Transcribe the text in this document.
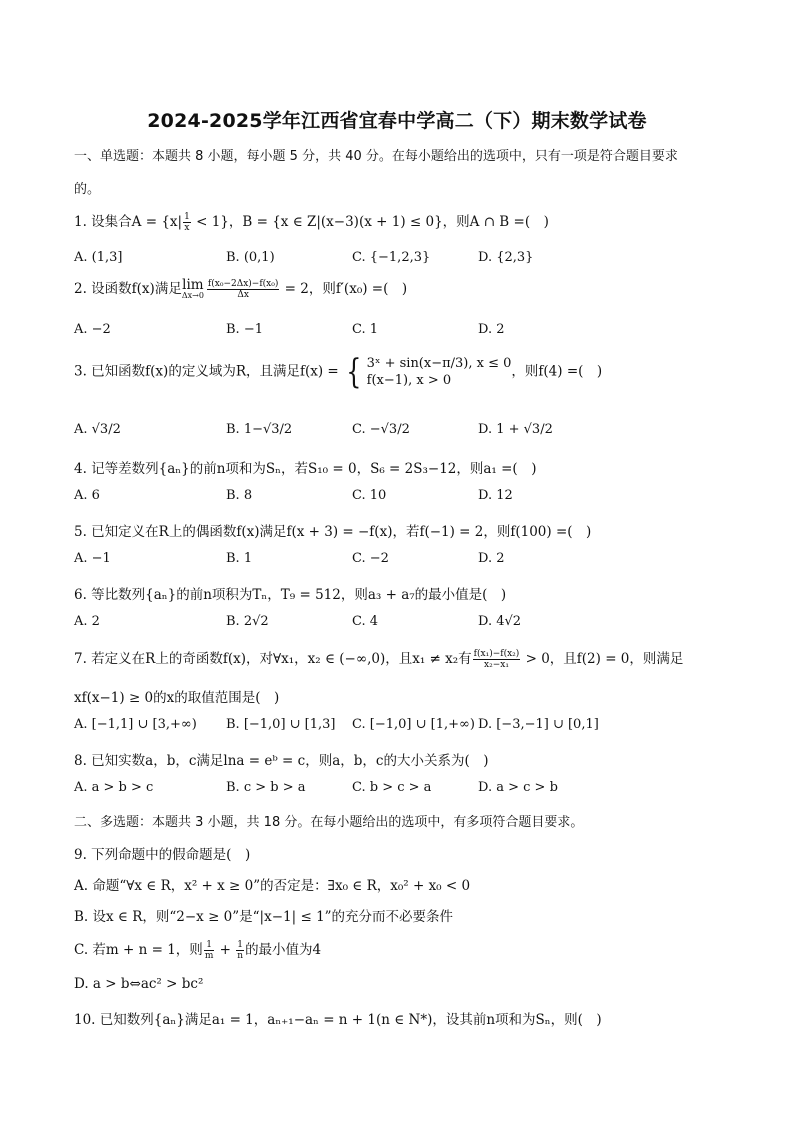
2024-2025学年江西省宜春中学高二（下）期末数学试卷
一、单选题：本题共 8 小题，每小题 5 分，共 40 分。在每小题给出的选项中，只有一项是符合题目要求
的。
1. 设集合$A = \{x| \frac{1}{x} < 1\}$，B = {x ∈ Z|(x−3)(x + 1) ≤ 0}，则A ∩ B =(　)
A. (1,3]	B. (0,1)	C. {−1,2,3}	D. {2,3}
2. 设函数f(x)满足lim
$\Delta x\to 0 \frac{\text{f(x₀−2Δx)−f(x₀)}}{\Delta x} = 2$，则f′(x₀) =(　)
A. −2	B. −1	C. 1	D. 2
3. 已知函数f(x)的定义域为R，且满足f(x) = { 3ˣ + sin(x−π/3), x ≤ 0
f(x−1), x > 0
，则f(4) =(　)
A. √3/2	B. 1−√3/2	C. −√3/2	D. 1 + √3/2
4. 记等差数列{aₙ}的前n项和为Sₙ，若S₁₀ = 0，S₆ = 2S₃−12，则a₁ =(　)
A. 6	B. 8	C. 10	D. 12
5. 已知定义在R上的偶函数f(x)满足f(x + 3) = −f(x)，若f(−1) = 2，则f(100) =(　)
A. −1	B. 1	C. −2	D. 2
6. 等比数列{aₙ}的前n项积为Tₙ，T₉ = 512，则a₃ + a₇的最小值是(　)
A. 2	B. 2√2	C. 4	D. 4√2
7. 若定义在R上的奇函数f(x)，对∀x₁，x₂ ∈ (−∞,0)，且x₁ ≠ x₂有 $\frac{\text{f(x₁)−f(x₂)}}{\text{x₂−x₁}} > 0$，且f(2) = 0，则满足
xf(x−1) ≥ 0的x的取值范围是(　)
A. [−1,1] ∪ [3,+∞) B. [−1,0] ∪ [1,3] C. [−1,0] ∪ [1,+∞) D. [−3,−1] ∪ [0,1]
8. 已知实数a，b，c满足lna = eᵇ = c，则a，b，c的大小关系为(　)
A. a > b > c	B. c > b > a	C. b > c > a	D. a > c > b
二、多选题：本题共 3 小题，共 18 分。在每小题给出的选项中，有多项符合题目要求。
9. 下列命题中的假命题是(　)
A. 命题“∀x ∈ R，x² + x ≥ 0”的否定是：∃x₀ ∈ R，x₀² + x₀ < 0
B. 设x ∈ R，则“2−x ≥ 0”是“|x−1| ≤ 1”的充分而不必要条件
C. 若m + n = 1，则 $\frac{1}{m} + \frac{1}{n}$ 的最小值为4
D. a > b⇔ac² > bc²
10. 已知数列{aₙ}满足a₁ = 1，aₙ₊₁−aₙ = n + 1(n ∈ N*)，设其前n项和为Sₙ，则(　)
